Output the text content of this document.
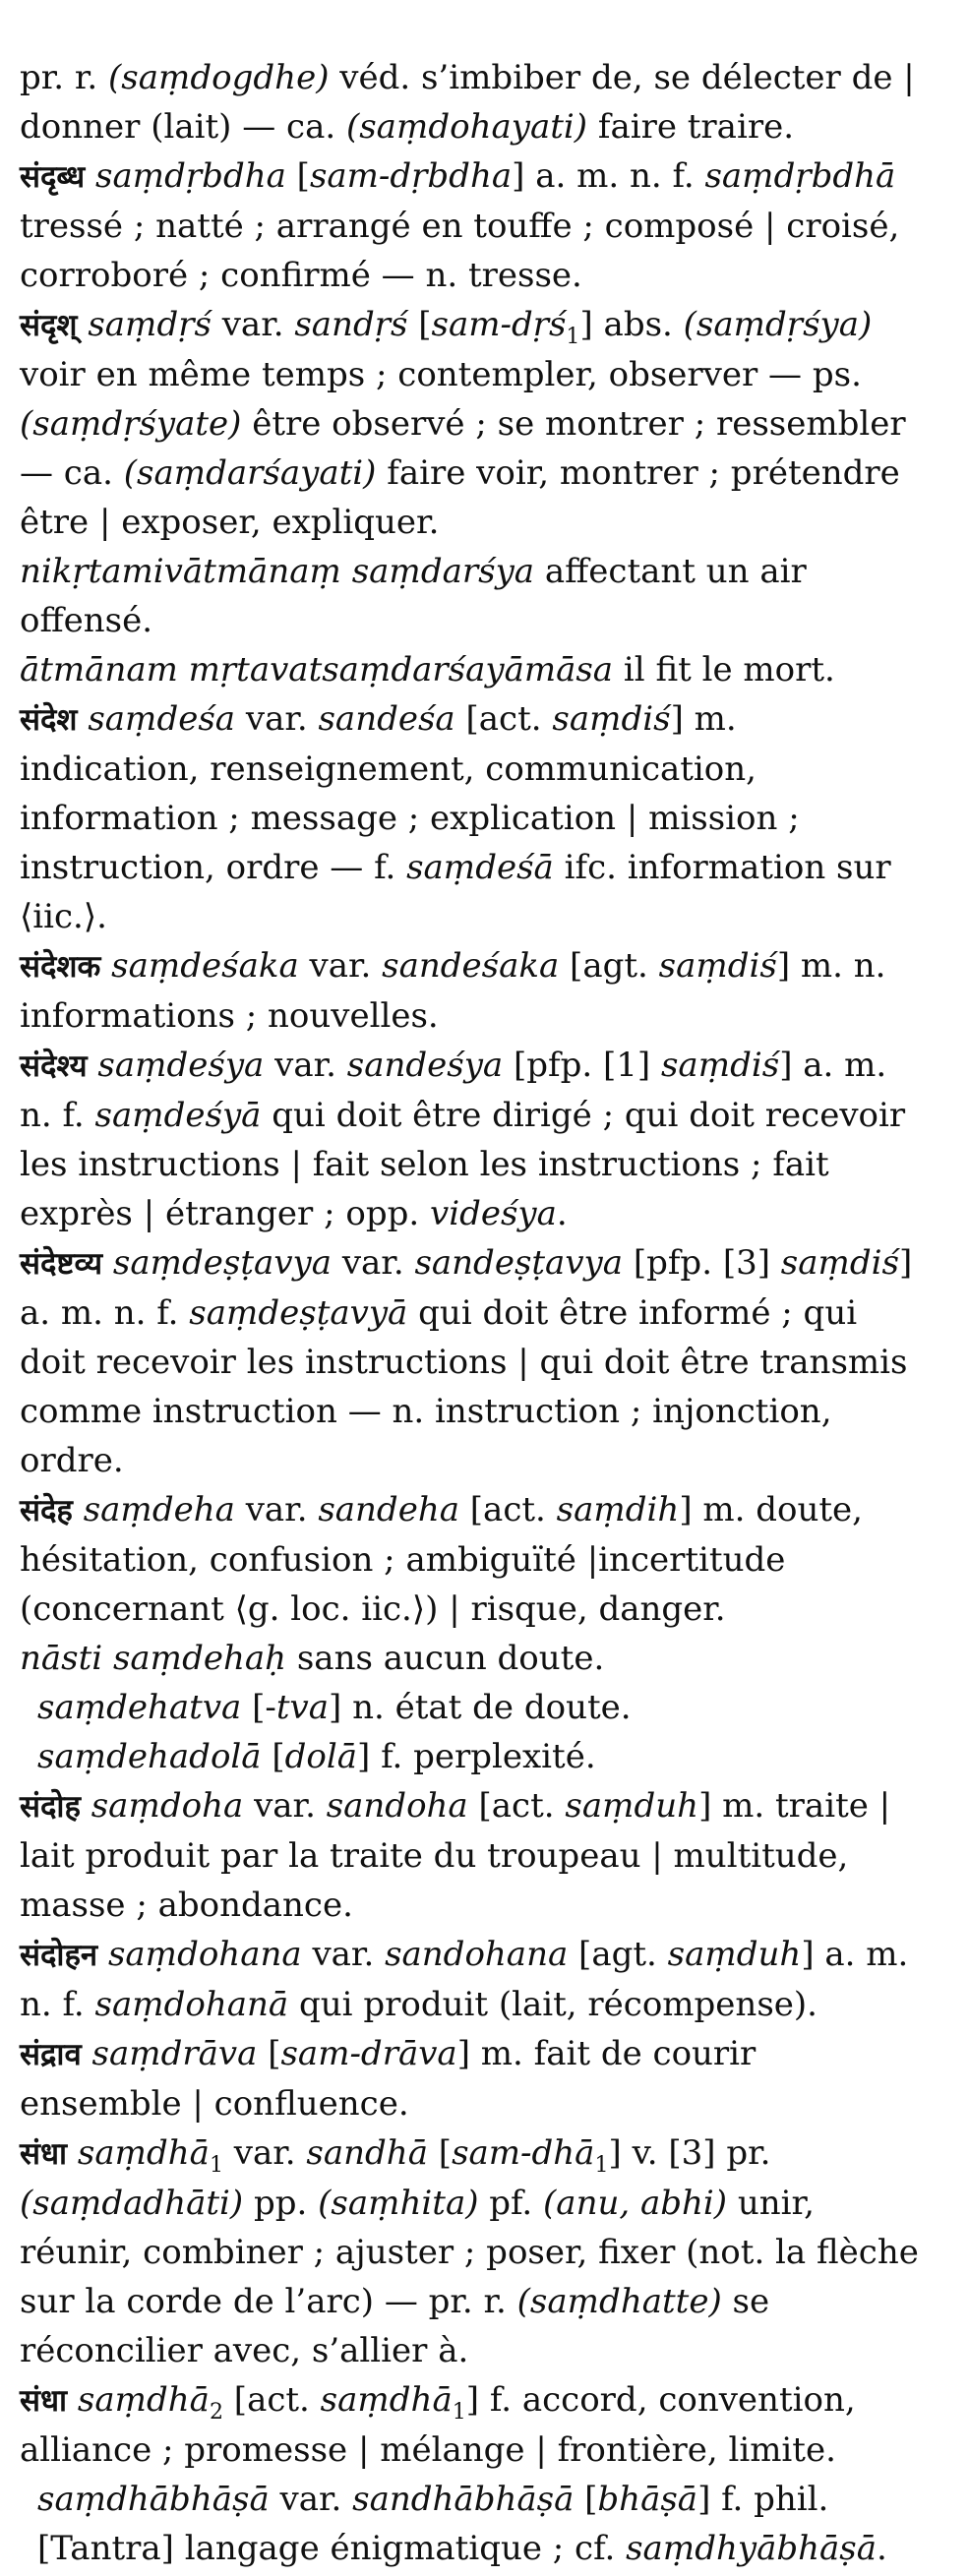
pr. r. (saṃdogdhe) véd. s’imbiber de, se délecter de | donner (lait) — ca. (saṃdohayati) faire traire.

संदृब्ध saṃdṛbdha [sam-dṛbdha] a. m. n. f. saṃdṛbdhā tressé ; natté ; arrangé en touffe ; composé | croisé, corroboré ; confirmé — n. tresse.

संदृश् saṃdṛś var. sandṛś [sam-dṛś$_1$] abs. (saṃdṛśya) voir en même temps ; contempler, observer — ps. (saṃdṛśyate) être observé ; se montrer ; ressembler — ca. (saṃdarśayati) faire voir, montrer ; prétendre être | exposer, expliquer.

nikṛtamivātmānaṃ saṃdarśya affectant un air offensé.

ātmānam mṛtavatsaṃdarśayāmāsa il fit le mort.

संदेश saṃdeśa var. sandeśa [act. saṃdiś] m. indication, renseignement, communication, information ; message ; explication | mission ; instruction, ordre — f. saṃdeśā ifc. information sur ⟨iic.⟩.

संदेशक saṃdeśaka var. sandeśaka [agt. saṃdiś] m. n. informations ; nouvelles.

संदेश्य saṃdeśya var. sandeśya [pfp. [1] saṃdiś] a. m. n. f. saṃdeśyā qui doit être dirigé ; qui doit recevoir les instructions | fait selon les instructions ; fait exprès | étranger ; opp. videśya.

संदेष्टव्य saṃdeṣṭavya var. sandeṣṭavya [pfp. [3] saṃdiś] a. m. n. f. saṃdeṣṭavyā qui doit être informé ; qui doit recevoir les instructions | qui doit être transmis comme instruction — n. instruction ; injonction, ordre.

संदेह saṃdeha var. sandeha [act. saṃdih] m. doute, hésitation, confusion ; ambiguïté |incertitude (concernant ⟨g. loc. iic.⟩) | risque, danger.

nāsti saṃdehaḥ sans aucun doute.

saṃdehatva [-tva] n. état de doute.

saṃdehadolā [dolā] f. perplexité.

संदोह saṃdoha var. sandoha [act. saṃduh] m. traite | lait produit par la traite du troupeau | multitude, masse ; abondance.

संदोहन saṃdohana var. sandohana [agt. saṃduh] a. m. n. f. saṃdohanā qui produit (lait, récompense).

संद्राव saṃdrāva [sam-drāva] m. fait de courir ensemble | confluence.

संधा saṃdhā$_1$ var. sandhā [sam-dhā$_1$] v. [3] pr. (saṃdadhāti) pp. (saṃhita) pf. (anu, abhi) unir, réunir, combiner ; ajuster ; poser, fixer (not. la flèche sur la corde de l’arc) — pr. r. (saṃdhatte) se réconcilier avec, s’allier à.

संधा saṃdhā$_2$ [act. saṃdhā$_1$] f. accord, convention, alliance ; promesse | mélange | frontière, limite.

saṃdhābhāṣā var. sandhābhāṣā [bhāṣā] f. phil. [Tantra] langage énigmatique ; cf. saṃdhyābhāṣā.
